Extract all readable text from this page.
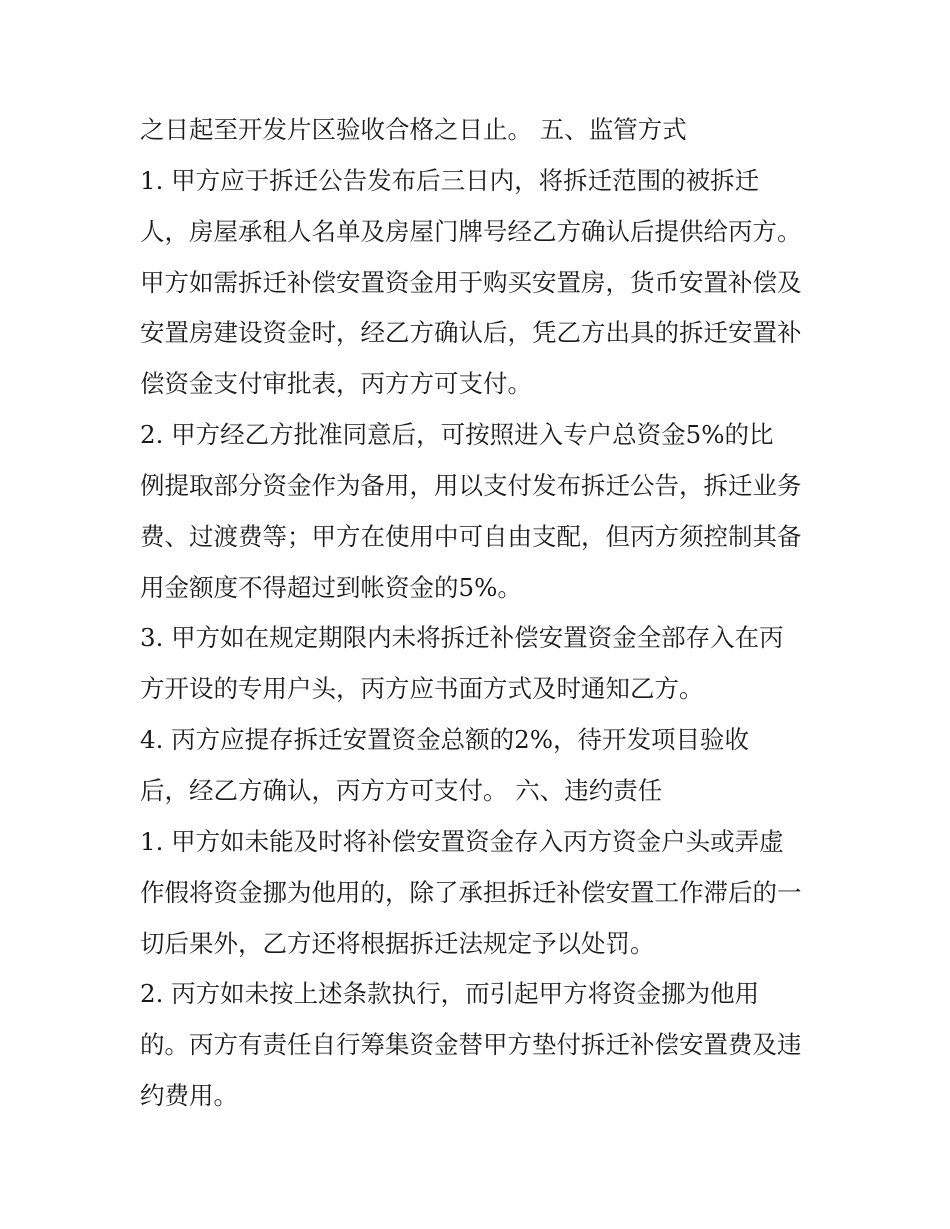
之日起至开发片区验收合格之日止。 五、监管方式
1. 甲方应于拆迁公告发布后三日内，将拆迁范围的被拆迁
人，房屋承租人名单及房屋门牌号经乙方确认后提供给丙方。
甲方如需拆迁补偿安置资金用于购买安置房，货币安置补偿及
安置房建设资金时，经乙方确认后，凭乙方出具的拆迁安置补
偿资金支付审批表，丙方方可支付。
2. 甲方经乙方批准同意后，可按照进入专户总资金5%的比
例提取部分资金作为备用，用以支付发布拆迁公告，拆迁业务
费、过渡费等；甲方在使用中可自由支配，但丙方须控制其备
用金额度不得超过到帐资金的5%。
3. 甲方如在规定期限内未将拆迁补偿安置资金全部存入在丙
方开设的专用户头，丙方应书面方式及时通知乙方。
4. 丙方应提存拆迁安置资金总额的2%，待开发项目验收
后，经乙方确认，丙方方可支付。 六、违约责任
1. 甲方如未能及时将补偿安置资金存入丙方资金户头或弄虚
作假将资金挪为他用的，除了承担拆迁补偿安置工作滞后的一
切后果外，乙方还将根据拆迁法规定予以处罚。
2. 丙方如未按上述条款执行，而引起甲方将资金挪为他用
的。丙方有责任自行筹集资金替甲方垫付拆迁补偿安置费及违
约费用。
